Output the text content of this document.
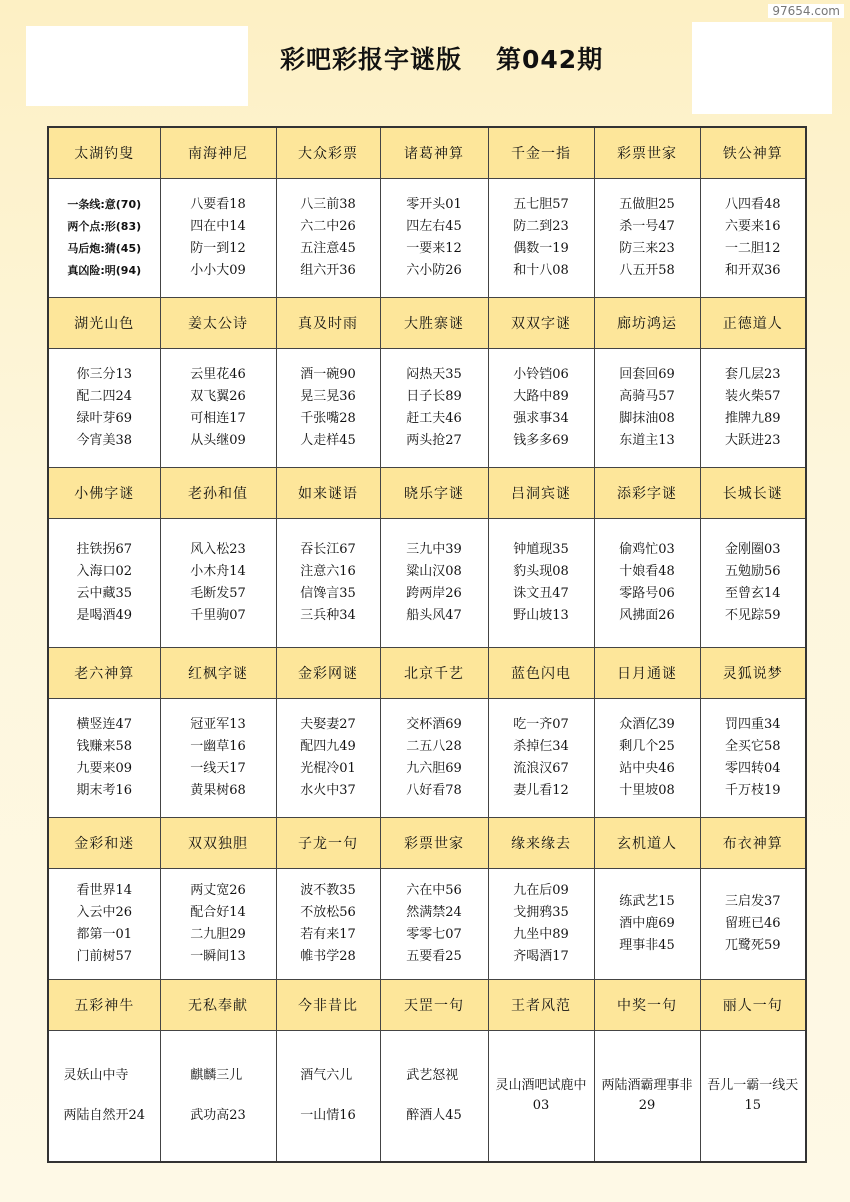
97654.com
彩吧彩报字谜版 第042期
太湖钓叟	南海神尼	大众彩票	诸葛神算	千金一指	彩票世家	铁公神算

一条线:意(70)
两个点:形(83)
马后炮:猜(45)
真凶险:明(94)	八要看18
四在中14
防一到12
小小大09	八三前38
六二中26
五注意45
组六开36	零开头01
四左右45
一要来12
六小防26	五七胆57
防二到23
偶数一19
和十八08	五做胆25
杀一号47
防三来23
八五开58	八四看48
六要来16
一二胆12
和开双36

湖光山色	姜太公诗	真及时雨	大胜寨谜	双双字谜	廊坊鸿运	正德道人

你三分13
配二四24
绿叶芽69
今宵美38	云里花46
双飞翼26
可相连17
从头继09	酒一碗90
晃三晃36
千张嘴28
人走样45	闷热天35
日子长89
赶工夫46
两头抢27	小铃铛06
大路中89
强求事34
钱多多69	回套回69
高骑马57
脚抹油08
东道主13	套几层23
装火柴57
推牌九89
大跃进23

小佛字谜	老孙和值	如来谜语	晓乐字谜	吕洞宾谜	添彩字谜	长城长谜

拄铁拐67
入海口02
云中藏35
是喝酒49	风入松23
小木舟14
毛断发57
千里驹07	吞长江67
注意六16
信馋言35
三兵种34	三九中39
粱山汉08
跨两岸26
船头风47	钟馗现35
豹头现08
诛文丑47
野山坡13	偷鸡忙03
十娘看48
零路号06
风拂面26	金刚圈03
五勉励56
至曾玄14
不见踪59

老六神算	红枫字谜	金彩网谜	北京千艺	蓝色闪电	日月通谜	灵狐说梦

横竖连47
钱赚来58
九要来09
期末考16	冠亚军13
一幽草16
一线天17
黄果树68	夫娶妻27
配四九49
光棍冷01
水火中37	交杯酒69
二五八28
九六胆69
八好看78	吃一齐07
杀掉仨34
流浪汉67
妻儿看12	众酒亿39
剩几个25
站中央46
十里坡08	罚四重34
全买它58
零四转04
千万枝19

金彩和迷	双双独胆	子龙一句	彩票世家	缘来缘去	玄机道人	布衣神算

看世界14
入云中26
都第一01
门前树57	两丈宽26
配合好14
二九胆29
一瞬间13	波不教35
不放松56
若有来17
帷书学28	六在中56
然满禁24
零零七07
五要看25	九在后09
戈拥鸦35
九坐中89
齐喝酒17	练武艺15
酒中鹿69
理事非45	三启发37
留班已46
兀鹭死59

五彩神牛	无私奉献	今非昔比	天罡一句	王者风范	中奖一句	丽人一句

灵妖山中寺
两陆自然开24	麒麟三儿
武功高23	酒气六儿
一山情16	武艺怒视
醉酒人45	灵山酒吧试鹿中03	两陆酒霸理事非29	吾儿一霸一线天15
